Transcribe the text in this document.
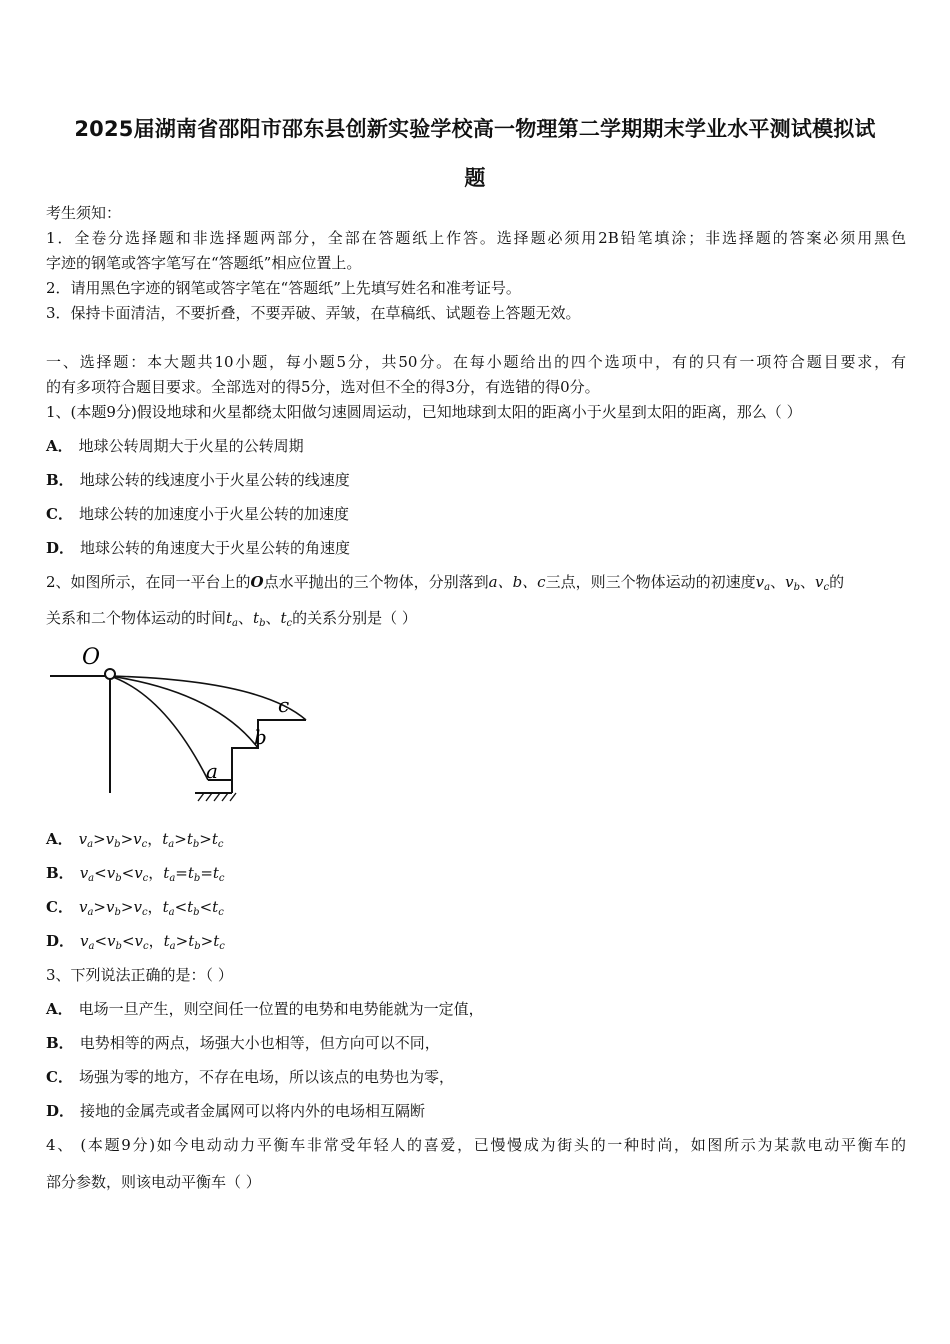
2025届湖南省邵阳市邵东县创新实验学校高一物理第二学期期末学业水平测试模拟试
题
考生须知：
1．全卷分选择题和非选择题两部分，全部在答题纸上作答。选择题必须用2B铅笔填涂；非选择题的答案必须用黑色
字迹的钢笔或答字笔写在“答题纸”相应位置上。
2．请用黑色字迹的钢笔或答字笔在“答题纸”上先填写姓名和准考证号。
3．保持卡面清洁，不要折叠，不要弄破、弄皱，在草稿纸、试题卷上答题无效。
一、选择题：本大题共10小题，每小题5分，共50分。在每小题给出的四个选项中，有的只有一项符合题目要求，有
的有多项符合题目要求。全部选对的得5分，选对但不全的得3分，有选错的得0分。
1、(本题9分)假设地球和火星都绕太阳做匀速圆周运动，已知地球到太阳的距离小于火星到太阳的距离，那么（ ）
A． 地球公转周期大于火星的公转周期
B． 地球公转的线速度小于火星公转的线速度
C． 地球公转的加速度小于火星公转的加速度
D． 地球公转的角速度大于火星公转的角速度
2、如图所示，在同一平台上的O点水平抛出的三个物体，分别落到a、b、c三点，则三个物体运动的初速度$v_a$、$v_b$、$v_c$的
关系和二个物体运动的时间$t_a$、$t_b$、$t_c$的关系分别是（ ）
O
a
b
c
A． $v_a>v_b>v_c$，$t_a>t_b>t_c$
B． $v_a<v_b<v_c$，$t_a=t_b=t_c$
C． $v_a>v_b>v_c$，$t_a<t_b<t_c$
D． $v_a<v_b<v_c$，$t_a>t_b>t_c$
3、下列说法正确的是：（ ）
A． 电场一旦产生，则空间任一位置的电势和电势能就为一定值，
B． 电势相等的两点，场强大小也相等，但方向可以不同，
C． 场强为零的地方，不存在电场，所以该点的电势也为零，
D． 接地的金属壳或者金属网可以将内外的电场相互隔断
4、 (本题9分)如今电动动力平衡车非常受年轻人的喜爱，已慢慢成为街头的一种时尚，如图所示为某款电动平衡车的
部分参数，则该电动平衡车（ ）
